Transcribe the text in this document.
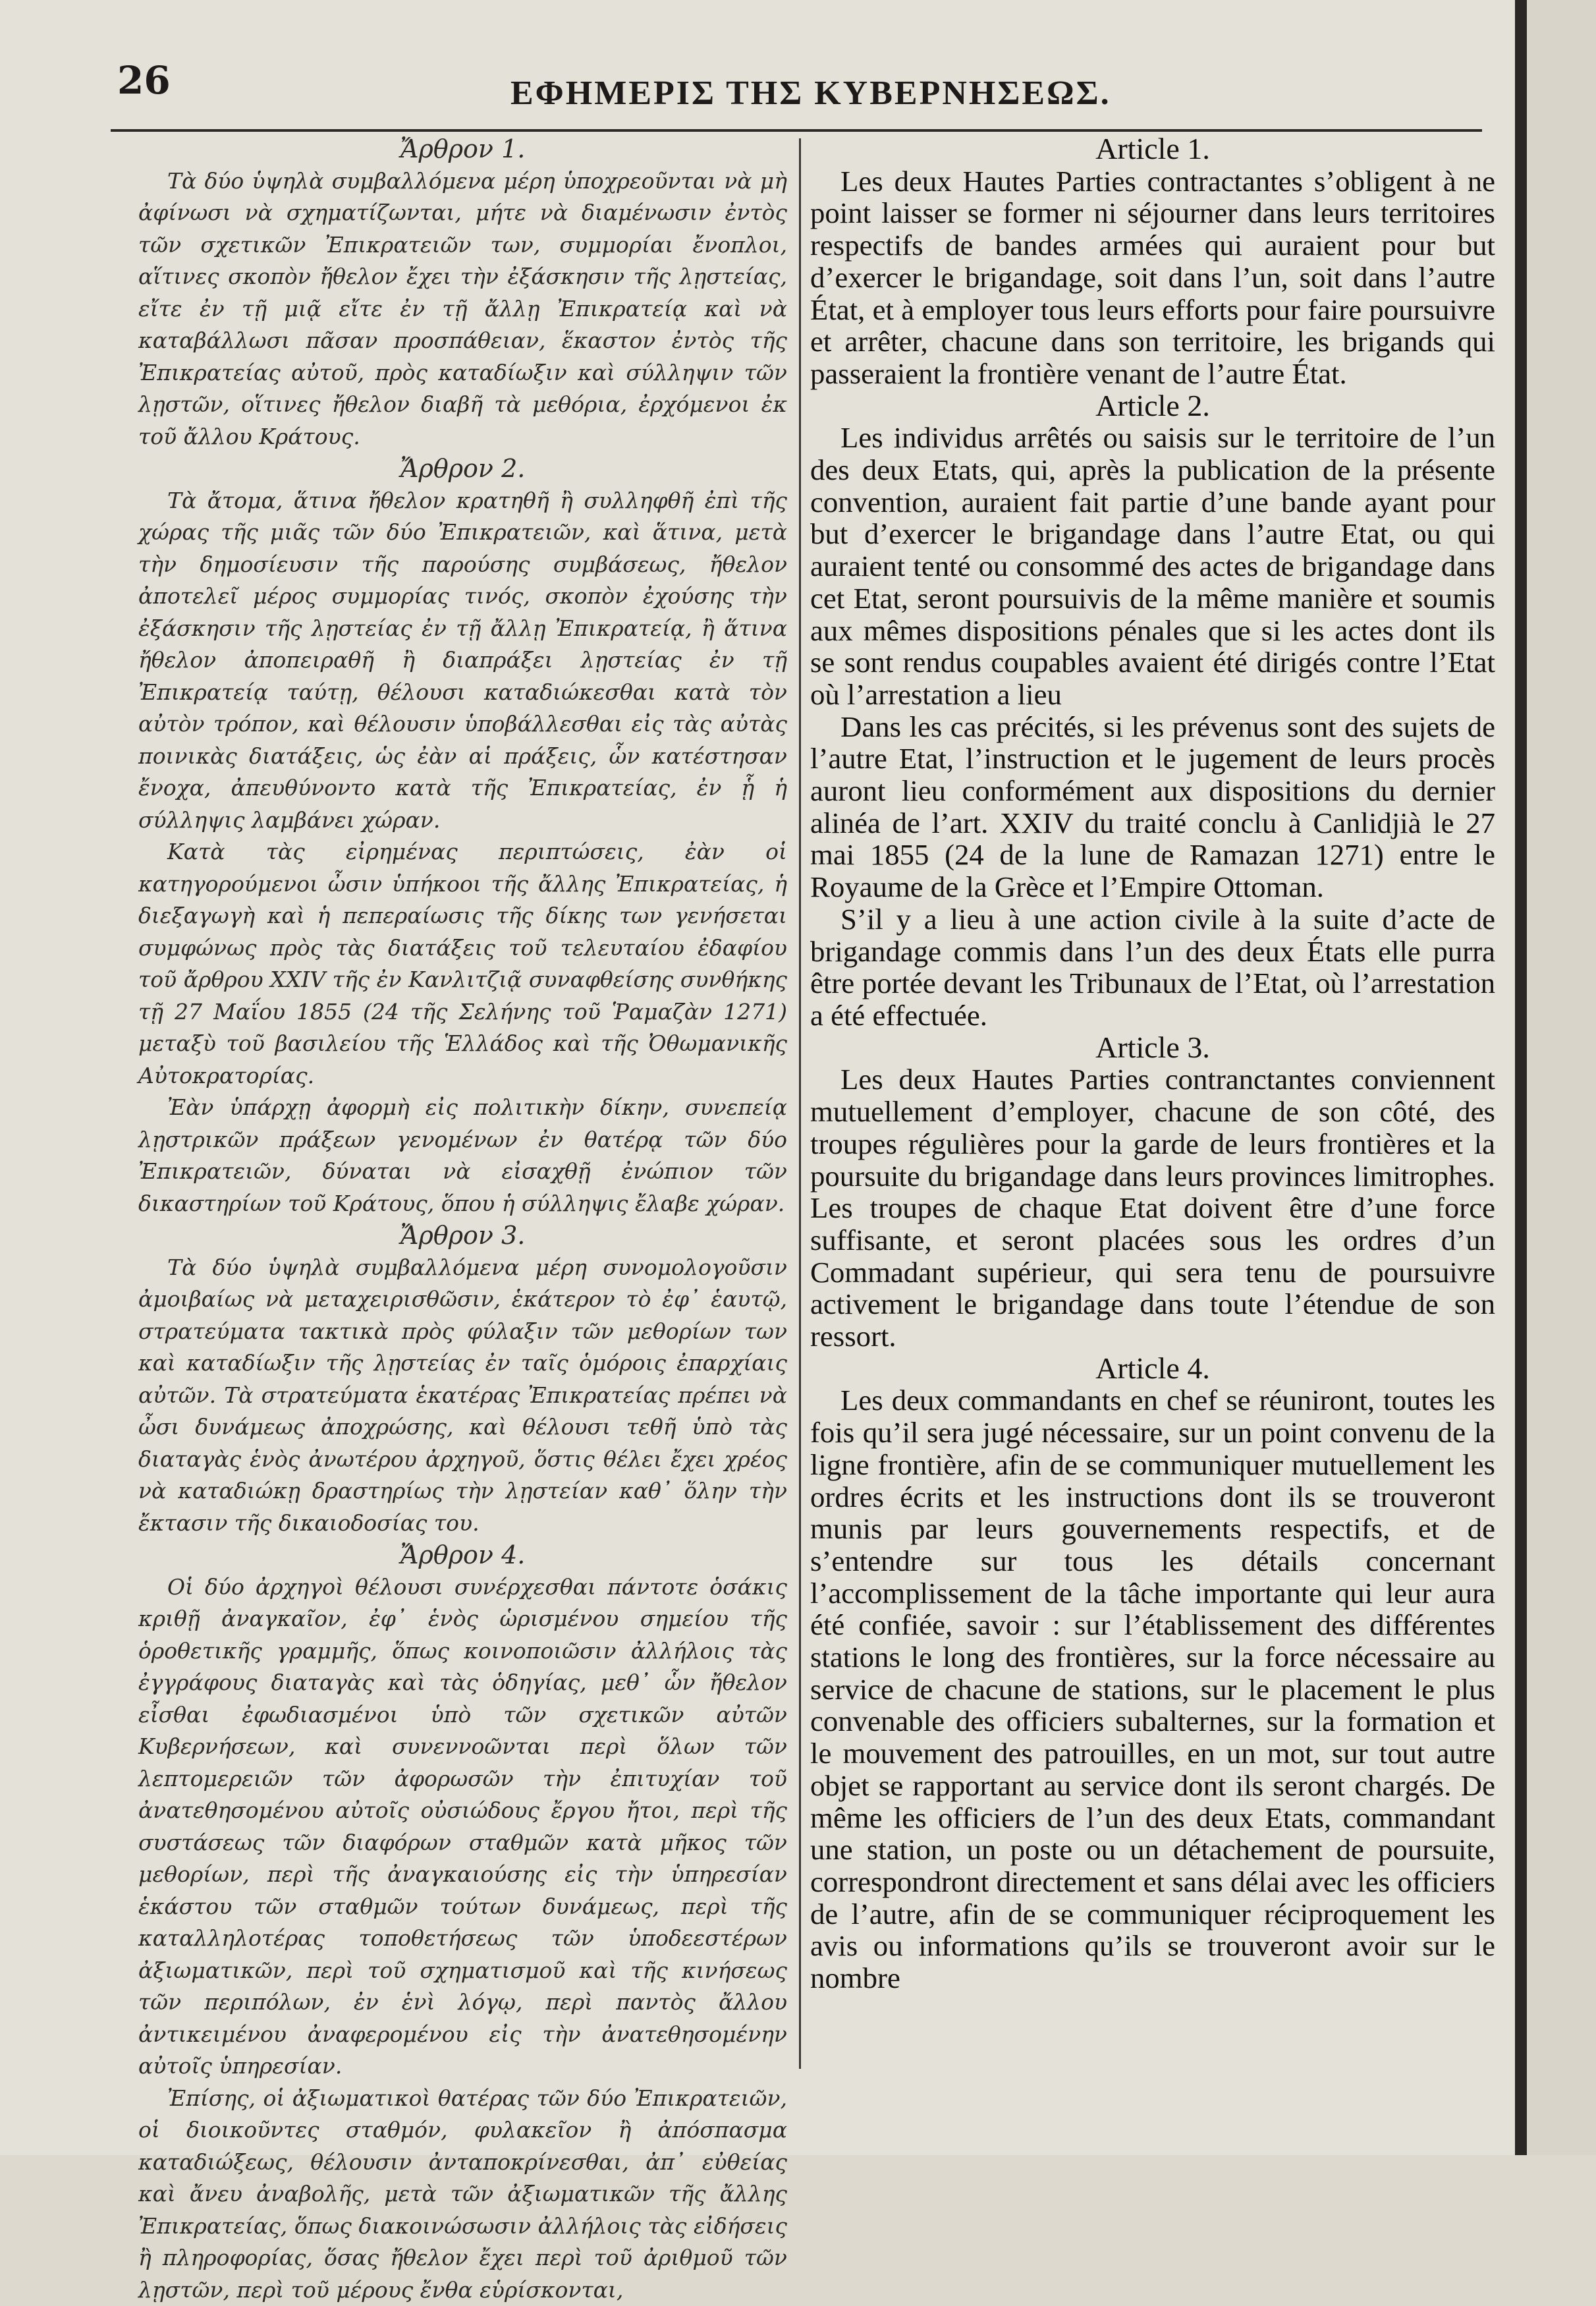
26	ΕΦΗΜΕΡΙΣ ΤΗΣ ΚΥΒΕΡΝΗΣΕΩΣ.

Ἄρθρον 1.

Τὰ δύο ὑψηλὰ συμβαλλόμενα μέρη ὑποχρεοῦνται νὰ μὴ ἀφίνωσι νὰ σχηματίζωνται, μήτε νὰ διαμένωσιν ἐντὸς τῶν σχετικῶν Ἐπικρατειῶν των, συμμορίαι ἔνοπλοι, αἵτινες σκοπὸν ἤθελον ἔχει τὴν ἐξάσκησιν τῆς λῃστείας, εἴτε ἐν τῇ μιᾷ εἴτε ἐν τῇ ἄλλῃ Ἐπικρατείᾳ καὶ νὰ καταβάλλωσι πᾶσαν προσπάθειαν, ἕκαστον ἐντὸς τῆς Ἐπικρατείας αὐτοῦ, πρὸς καταδίωξιν καὶ σύλληψιν τῶν λῃστῶν, οἵτινες ἤθελον διαβῆ τὰ μεθόρια, ἐρχόμενοι ἐκ τοῦ ἄλλου Κράτους.

Ἄρθρον 2.

Τὰ ἄτομα, ἅτινα ἤθελον κρατηθῆ ἢ συλληφθῆ ἐπὶ τῆς χώρας τῆς μιᾶς τῶν δύο Ἐπικρατειῶν, καὶ ἅτινα, μετὰ τὴν δημοσίευσιν τῆς παρούσης συμβάσεως, ἤθελον ἀποτελεῖ μέρος συμμορίας τινός, σκοπὸν ἐχούσης τὴν ἐξάσκησιν τῆς λῃστείας ἐν τῇ ἄλλῃ Ἐπικρατείᾳ, ἢ ἅτινα ἤθελον ἀποπειραθῆ ἢ διαπράξει λῃστείας ἐν τῇ Ἐπικρατείᾳ ταύτῃ, θέλουσι καταδιώκεσθαι κατὰ τὸν αὐτὸν τρόπον, καὶ θέλουσιν ὑποβάλλεσθαι εἰς τὰς αὐτὰς ποινικὰς διατάξεις, ὡς ἐὰν αἱ πράξεις, ὧν κατέστησαν ἔνοχα, ἀπευθύνοντο κατὰ τῆς Ἐπικρατείας, ἐν ᾗ ἡ σύλληψις λαμβάνει χώραν.

Κατὰ τὰς εἰρημένας περιπτώσεις, ἐὰν οἱ κατηγορούμενοι ὦσιν ὑπήκοοι τῆς ἄλλης Ἐπικρατείας, ἡ διεξαγωγὴ καὶ ἡ πεπεραίωσις τῆς δίκης των γενήσεται συμφώνως πρὸς τὰς διατάξεις τοῦ τελευταίου ἐδαφίου τοῦ ἄρθρου XXIV τῆς ἐν Κανλιτζιᾷ συναφθείσης συνθήκης τῇ 27 Μαΐου 1855 (24 τῆς Σελήνης τοῦ Ῥαμαζὰν 1271) μεταξὺ τοῦ βασιλείου τῆς Ἑλλάδος καὶ τῆς Ὀθωμανικῆς Αὐτοκρατορίας.

Ἐὰν ὑπάρχῃ ἀφορμὴ εἰς πολιτικὴν δίκην, συνεπείᾳ λῃστρικῶν πράξεων γενομένων ἐν θατέρᾳ τῶν δύο Ἐπικρατειῶν, δύναται νὰ εἰσαχθῇ ἐνώπιον τῶν δικαστηρίων τοῦ Κράτους, ὅπου ἡ σύλληψις ἔλαβε χώραν.

Ἄρθρον 3.

Τὰ δύο ὑψηλὰ συμβαλλόμενα μέρη συνομολογοῦσιν ἀμοιβαίως νὰ μεταχειρισθῶσιν, ἑκάτερον τὸ ἐφ᾽ ἑαυτῷ, στρατεύματα τακτικὰ πρὸς φύλαξιν τῶν μεθορίων των καὶ καταδίωξιν τῆς λῃστείας ἐν ταῖς ὁμόροις ἐπαρχίαις αὐτῶν. Τὰ στρατεύματα ἑκατέρας Ἐπικρατείας πρέπει νὰ ὦσι δυνάμεως ἀποχρώσης, καὶ θέλουσι τεθῆ ὑπὸ τὰς διαταγὰς ἑνὸς ἀνωτέρου ἀρχηγοῦ, ὅστις θέλει ἔχει χρέος νὰ καταδιώκῃ δραστηρίως τὴν λῃστείαν καθ᾽ ὅλην τὴν ἔκτασιν τῆς δικαιοδοσίας του.

Ἄρθρον 4.

Οἱ δύο ἀρχηγοὶ θέλουσι συνέρχεσθαι πάντοτε ὁσάκις κριθῇ ἀναγκαῖον, ἐφ᾽ ἑνὸς ὡρισμένου σημείου τῆς ὁροθετικῆς γραμμῆς, ὅπως κοινοποιῶσιν ἀλλήλοις τὰς ἐγγράφους διαταγὰς καὶ τὰς ὁδηγίας, μεθ᾽ ὧν ἤθελον εἶσθαι ἐφωδιασμένοι ὑπὸ τῶν σχετικῶν αὐτῶν Κυβερνήσεων, καὶ συνεννοῶνται περὶ ὅλων τῶν λεπτομερειῶν τῶν ἀφορωσῶν τὴν ἐπιτυχίαν τοῦ ἀνατεθησομένου αὐτοῖς οὐσιώδους ἔργου ἤτοι, περὶ τῆς συστάσεως τῶν διαφόρων σταθμῶν κατὰ μῆκος τῶν μεθορίων, περὶ τῆς ἀναγκαιούσης εἰς τὴν ὑπηρεσίαν ἑκάστου τῶν σταθμῶν τούτων δυνάμεως, περὶ τῆς καταλληλοτέρας τοποθετήσεως τῶν ὑποδεεστέρων ἀξιωματικῶν, περὶ τοῦ σχηματισμοῦ καὶ τῆς κινήσεως τῶν περιπόλων, ἐν ἑνὶ λόγῳ, περὶ παντὸς ἄλλου ἀντικειμένου ἀναφερομένου εἰς τὴν ἀνατεθησομένην αὐτοῖς ὑπηρεσίαν.

Ἐπίσης, οἱ ἀξιωματικοὶ θατέρας τῶν δύο Ἐπικρατειῶν, οἱ διοικοῦντες σταθμόν, φυλακεῖον ἢ ἀπόσπασμα καταδιώξεως, θέλουσιν ἀνταποκρίνεσθαι, ἀπ᾽ εὐθείας καὶ ἄνευ ἀναβολῆς, μετὰ τῶν ἀξιωματικῶν τῆς ἄλλης Ἐπικρατείας, ὅπως διακοινώσωσιν ἀλλήλοις τὰς εἰδήσεις ἢ πληροφορίας, ὅσας ἤθελον ἔχει περὶ τοῦ ἀριθμοῦ τῶν λῃστῶν, περὶ τοῦ μέρους ἔνθα εὑρίσκονται,

Article 1.

Les deux Hautes Parties contractantes s’obligent à ne point laisser se former ni séjourner dans leurs territoires respectifs de bandes armées qui auraient pour but d’exercer le brigandage, soit dans l’un, soit dans l’autre État, et à employer tous leurs efforts pour faire poursuivre et arrêter, chacune dans son territoire, les brigands qui passeraient la frontière venant de l’autre État.

Article 2.

Les individus arrêtés ou saisis sur le territoire de l’un des deux Etats, qui, après la publication de la présente convention, auraient fait partie d’une bande ayant pour but d’exercer le brigandage dans l’autre Etat, ou qui auraient tenté ou consommé des actes de brigandage dans cet Etat, seront poursuivis de la même manière et soumis aux mêmes dispositions pénales que si les actes dont ils se sont rendus coupables avaient été dirigés contre l’Etat où l’arrestation a lieu

Dans les cas précités, si les prévenus sont des sujets de l’autre Etat, l’instruction et le jugement de leurs procès auront lieu conformément aux dispositions du dernier alinéa de l’art. XXIV du traité conclu à Canlidjià le 27 mai 1855 (24 de la lune de Ramazan 1271) entre le Royaume de la Grèce et l’Empire Ottoman.

S’il y a lieu à une action civile à la suite d’acte de brigandage commis dans l’un des deux États elle purra être portée devant les Tribunaux de l’Etat, où l’arrestation a été effectuée.

Article 3.

Les deux Hautes Parties contranctantes conviennent mutuellement d’employer, chacune de son côté, des troupes régulières pour la garde de leurs frontières et la poursuite du brigandage dans leurs provinces limitrophes. Les troupes de chaque Etat doivent être d’une force suffisante, et seront placées sous les ordres d’un Commadant supérieur, qui sera tenu de poursuivre activement le brigandage dans toute l’étendue de son ressort.

Article 4.

Les deux commandants en chef se réuniront, toutes les fois qu’il sera jugé nécessaire, sur un point convenu de la ligne frontière, afin de se communiquer mutuellement les ordres écrits et les instructions dont ils se trouveront munis par leurs gouvernements respectifs, et de s’entendre sur tous les détails concernant l’accomplissement de la tâche importante qui leur aura été confiée, savoir : sur l’établissement des différentes stations le long des frontières, sur la force nécessaire au service de chacune de stations, sur le placement le plus convenable des officiers subalternes, sur la formation et le mouvement des patrouilles, en un mot, sur tout autre objet se rapportant au service dont ils seront chargés. De même les officiers de l’un des deux Etats, commandant une station, un poste ou un détachement de poursuite, correspondront directement et sans délai avec les officiers de l’autre, afin de se communiquer réciproquement les avis ou informations qu’ils se trouveront avoir sur le nombre
